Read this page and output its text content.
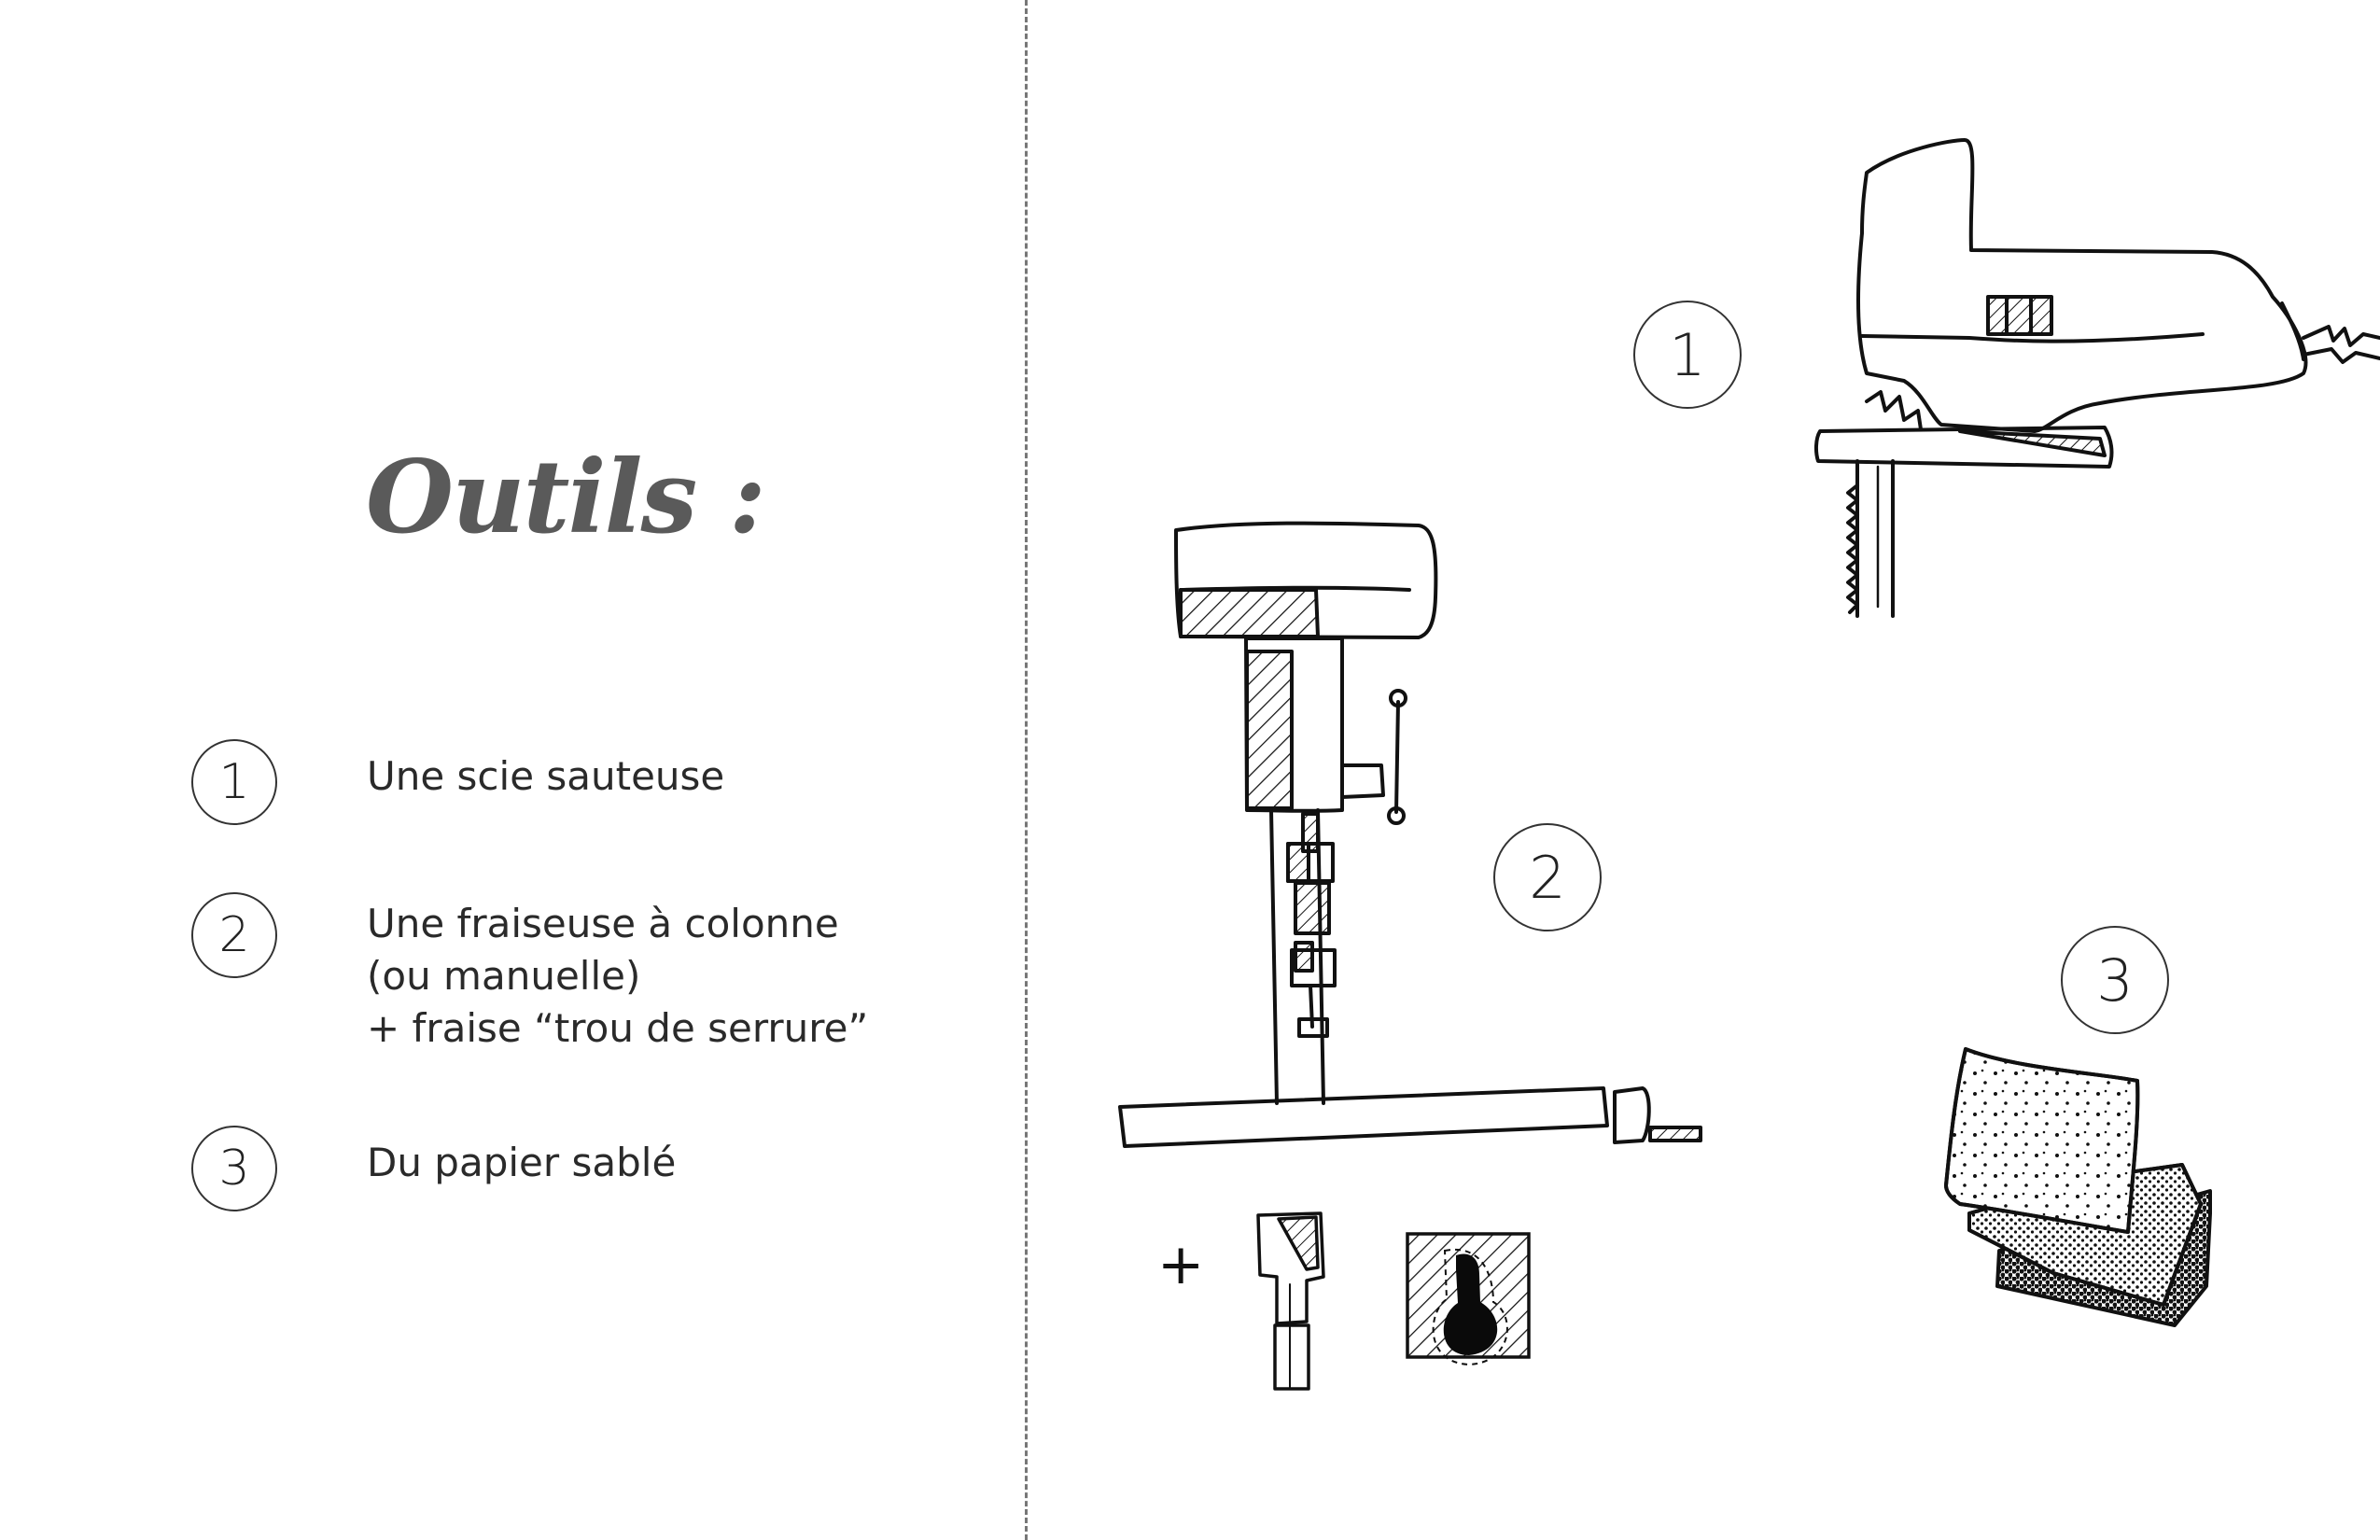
Outils :
1	Une scie sauteuse
2	Une fraiseuse à colonne
(ou manuelle)
+ fraise “trou de serrure”
3	Du papier sablé
1
2
3
+
